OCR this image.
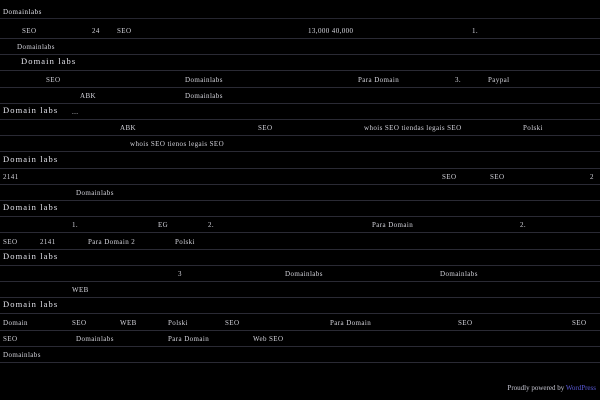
Domainlabs
SEO	24 SEO	13,000 40,000	1.
Domainlabs
Domain labs
SEO	Domainlabs	Para Domain	3.	Paypal
ABK	Domainlabs
Domain labs ...
ABK	SEO	whois SEO tiendas legais SEO	Polski
whois SEO tienos legais SEO
Domain labs
2141	SEO	SEO	2
Domainlabs
Domain labs
1.	EG	2.	Para Domain	2.
SEO	2141	Para Domain 2	Polski
Domain labs
3	Domainlabs	Domainlabs
WEB
Domain labs
Domain	SEO	WEB	Polski	SEO	Para Domain	SEO	SEO
SEO	Domainlabs	Para Domain	Web SEO
Domainlabs
Proudly powered by WordPress
